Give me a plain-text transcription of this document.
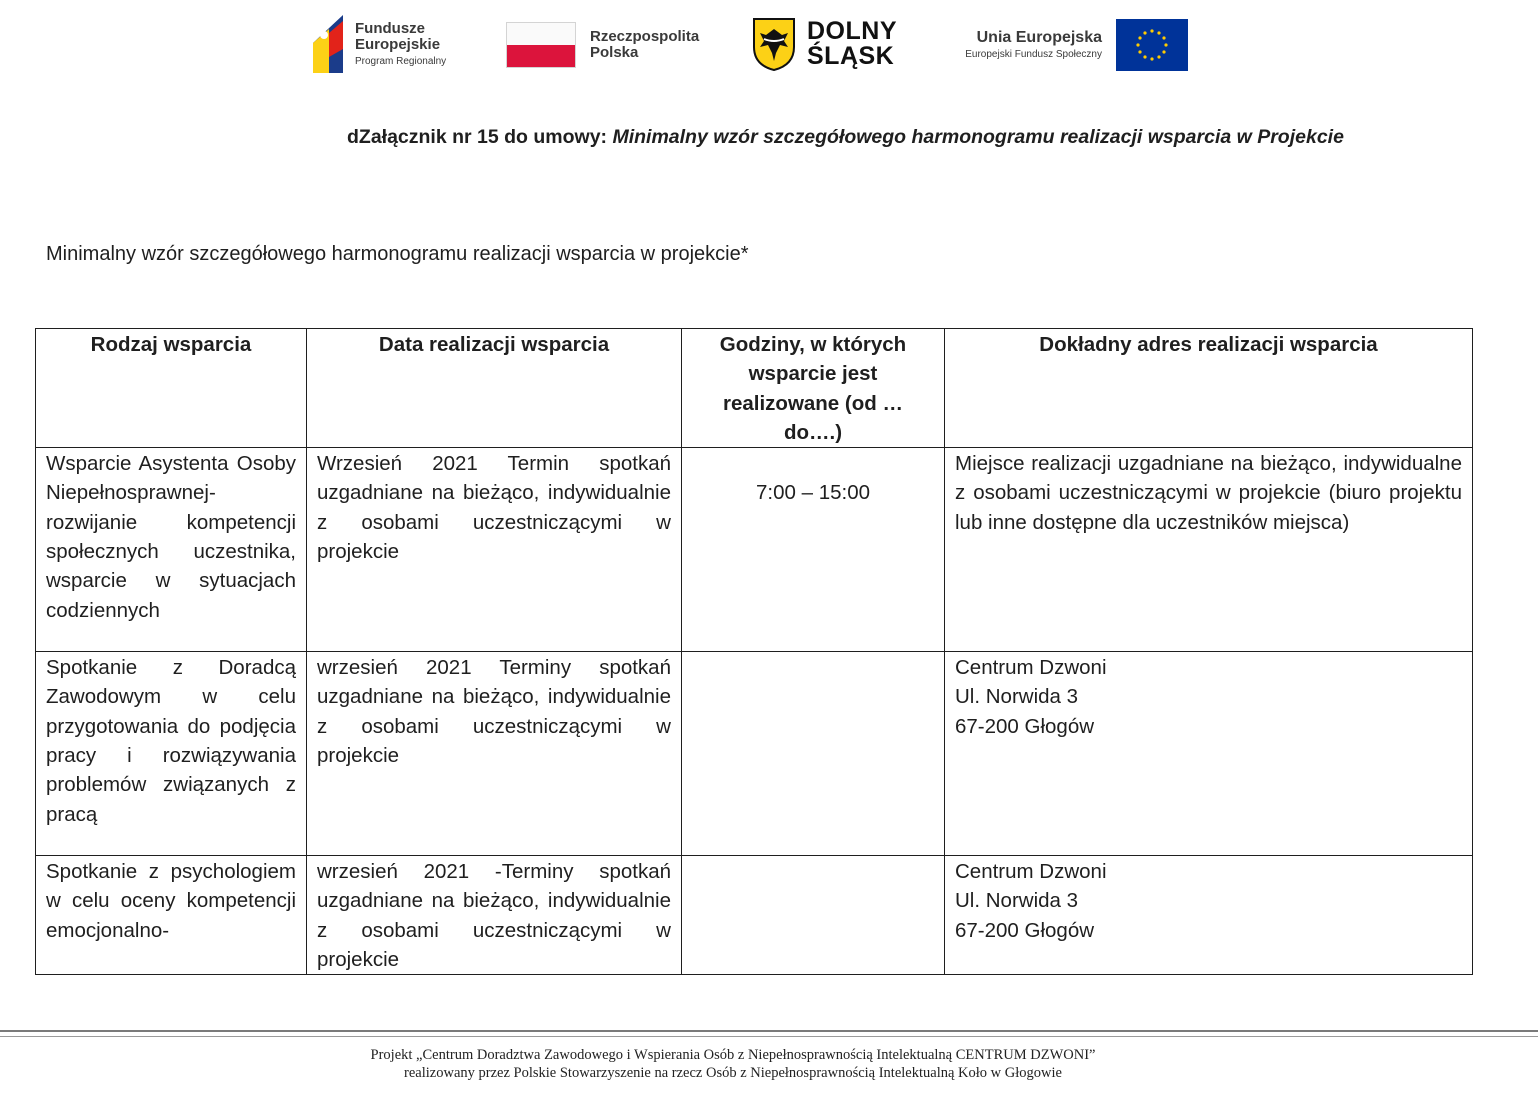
Fundusze
Europejskie
Program Regionalny
Rzeczpospolita
Polska
DOLNY
ŚLĄSK
Unia Europejska
Europejski Fundusz Społeczny
dZałącznik nr 15 do umowy: Minimalny wzór szczegółowego harmonogramu realizacji wsparcia w Projekcie
Minimalny wzór szczegółowego harmonogramu realizacji wsparcia w projekcie*
Rodzaj wsparcia	Data realizacji wsparcia	Godziny, w których wsparcie jest realizowane (od … do….)	Dokładny adres realizacji wsparcia
Wsparcie Asystenta Osoby Niepełnosprawnej- rozwijanie kompetencji społecznych uczestnika, wsparcie w sytuacjach codziennych	Wrzesień 2021 Termin spotkań uzgadniane na bieżąco, indywidualnie z osobami uczestniczącymi w projekcie	7:00 – 15:00	Miejsce realizacji uzgadniane na bieżąco, indywidualne z osobami uczestniczącymi w projekcie (biuro projektu lub inne dostępne dla uczestników miejsca)
Spotkanie z Doradcą Zawodowym w celu przygotowania do podjęcia pracy i rozwiązywania problemów związanych z pracą	wrzesień 2021 Terminy spotkań uzgadniane na bieżąco, indywidualnie z osobami uczestniczącymi w projekcie		Centrum Dzwoni
Ul. Norwida 3
67-200 Głogów
Spotkanie z psychologiem w celu oceny kompetencji emocjonalno-	wrzesień 2021 -Terminy spotkań uzgadniane na bieżąco, indywidualnie z osobami uczestniczącymi w projekcie		Centrum Dzwoni
Ul. Norwida 3
67-200 Głogów
Projekt „Centrum Doradztwa Zawodowego i Wspierania Osób z Niepełnosprawnością Intelektualną CENTRUM DZWONI”
realizowany przez Polskie Stowarzyszenie na rzecz Osób z Niepełnosprawnością Intelektualną Koło w Głogowie
